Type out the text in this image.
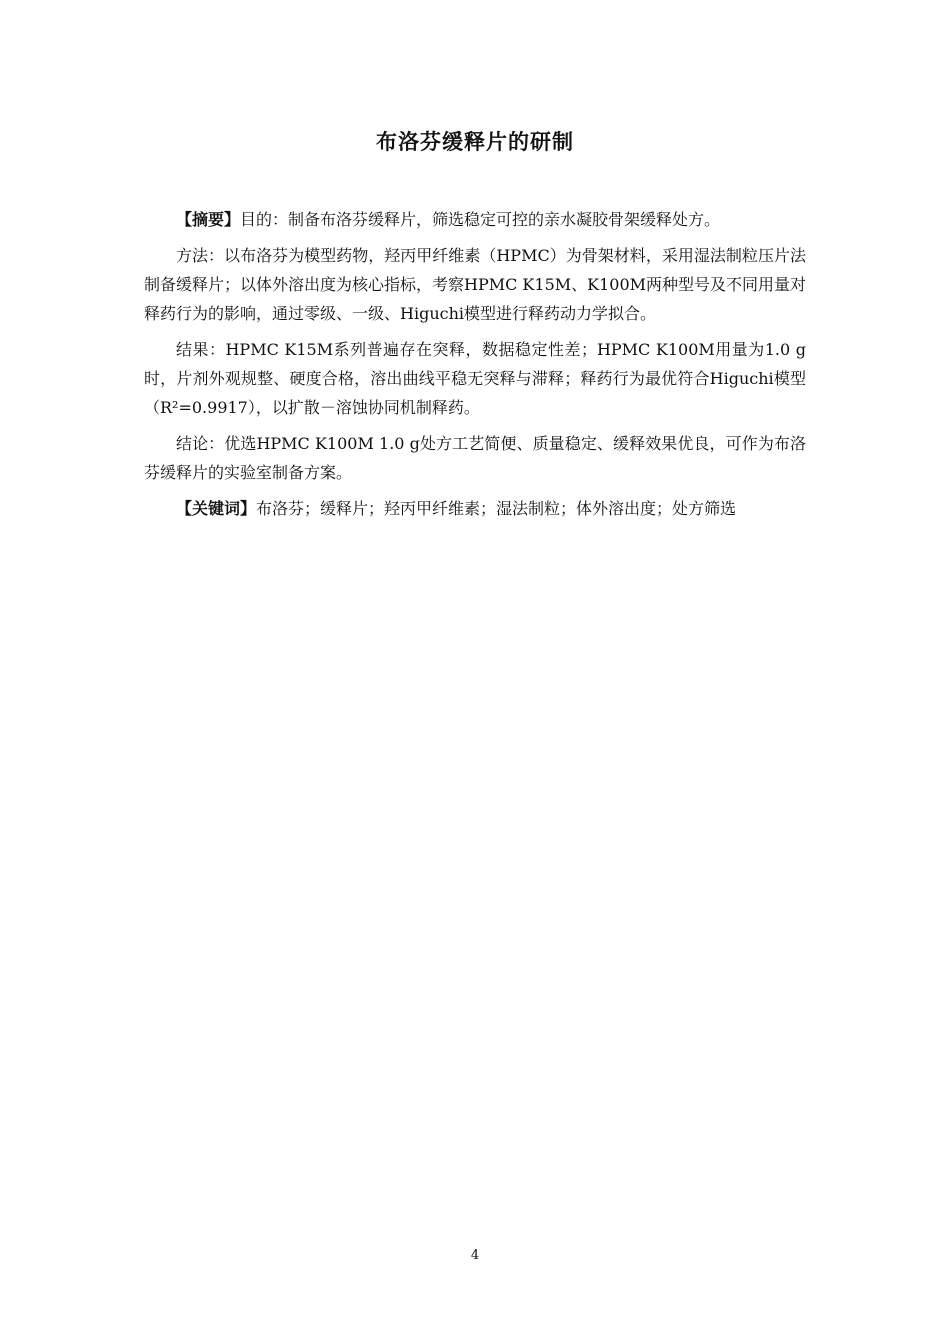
布洛芬缓释片的研制

【摘要】目的：制备布洛芬缓释片，筛选稳定可控的亲水凝胶骨架缓释处方。

方法：以布洛芬为模型药物，羟丙甲纤维素（HPMC）为骨架材料，采用湿法制粒压片法制备缓释片；以体外溶出度为核心指标，考察HPMC K15M、K100M两种型号及不同用量对释药行为的影响，通过零级、一级、Higuchi模型进行释药动力学拟合。

结果：HPMC K15M系列普遍存在突释，数据稳定性差；HPMC K100M用量为1.0 g时，片剂外观规整、硬度合格，溶出曲线平稳无突释与滞释；释药行为最优符合Higuchi模型（R²=0.9917），以扩散－溶蚀协同机制释药。

结论：优选HPMC K100M 1.0 g处方工艺简便、质量稳定、缓释效果优良，可作为布洛芬缓释片的实验室制备方案。

【关键词】布洛芬；缓释片；羟丙甲纤维素；湿法制粒；体外溶出度；处方筛选

4
